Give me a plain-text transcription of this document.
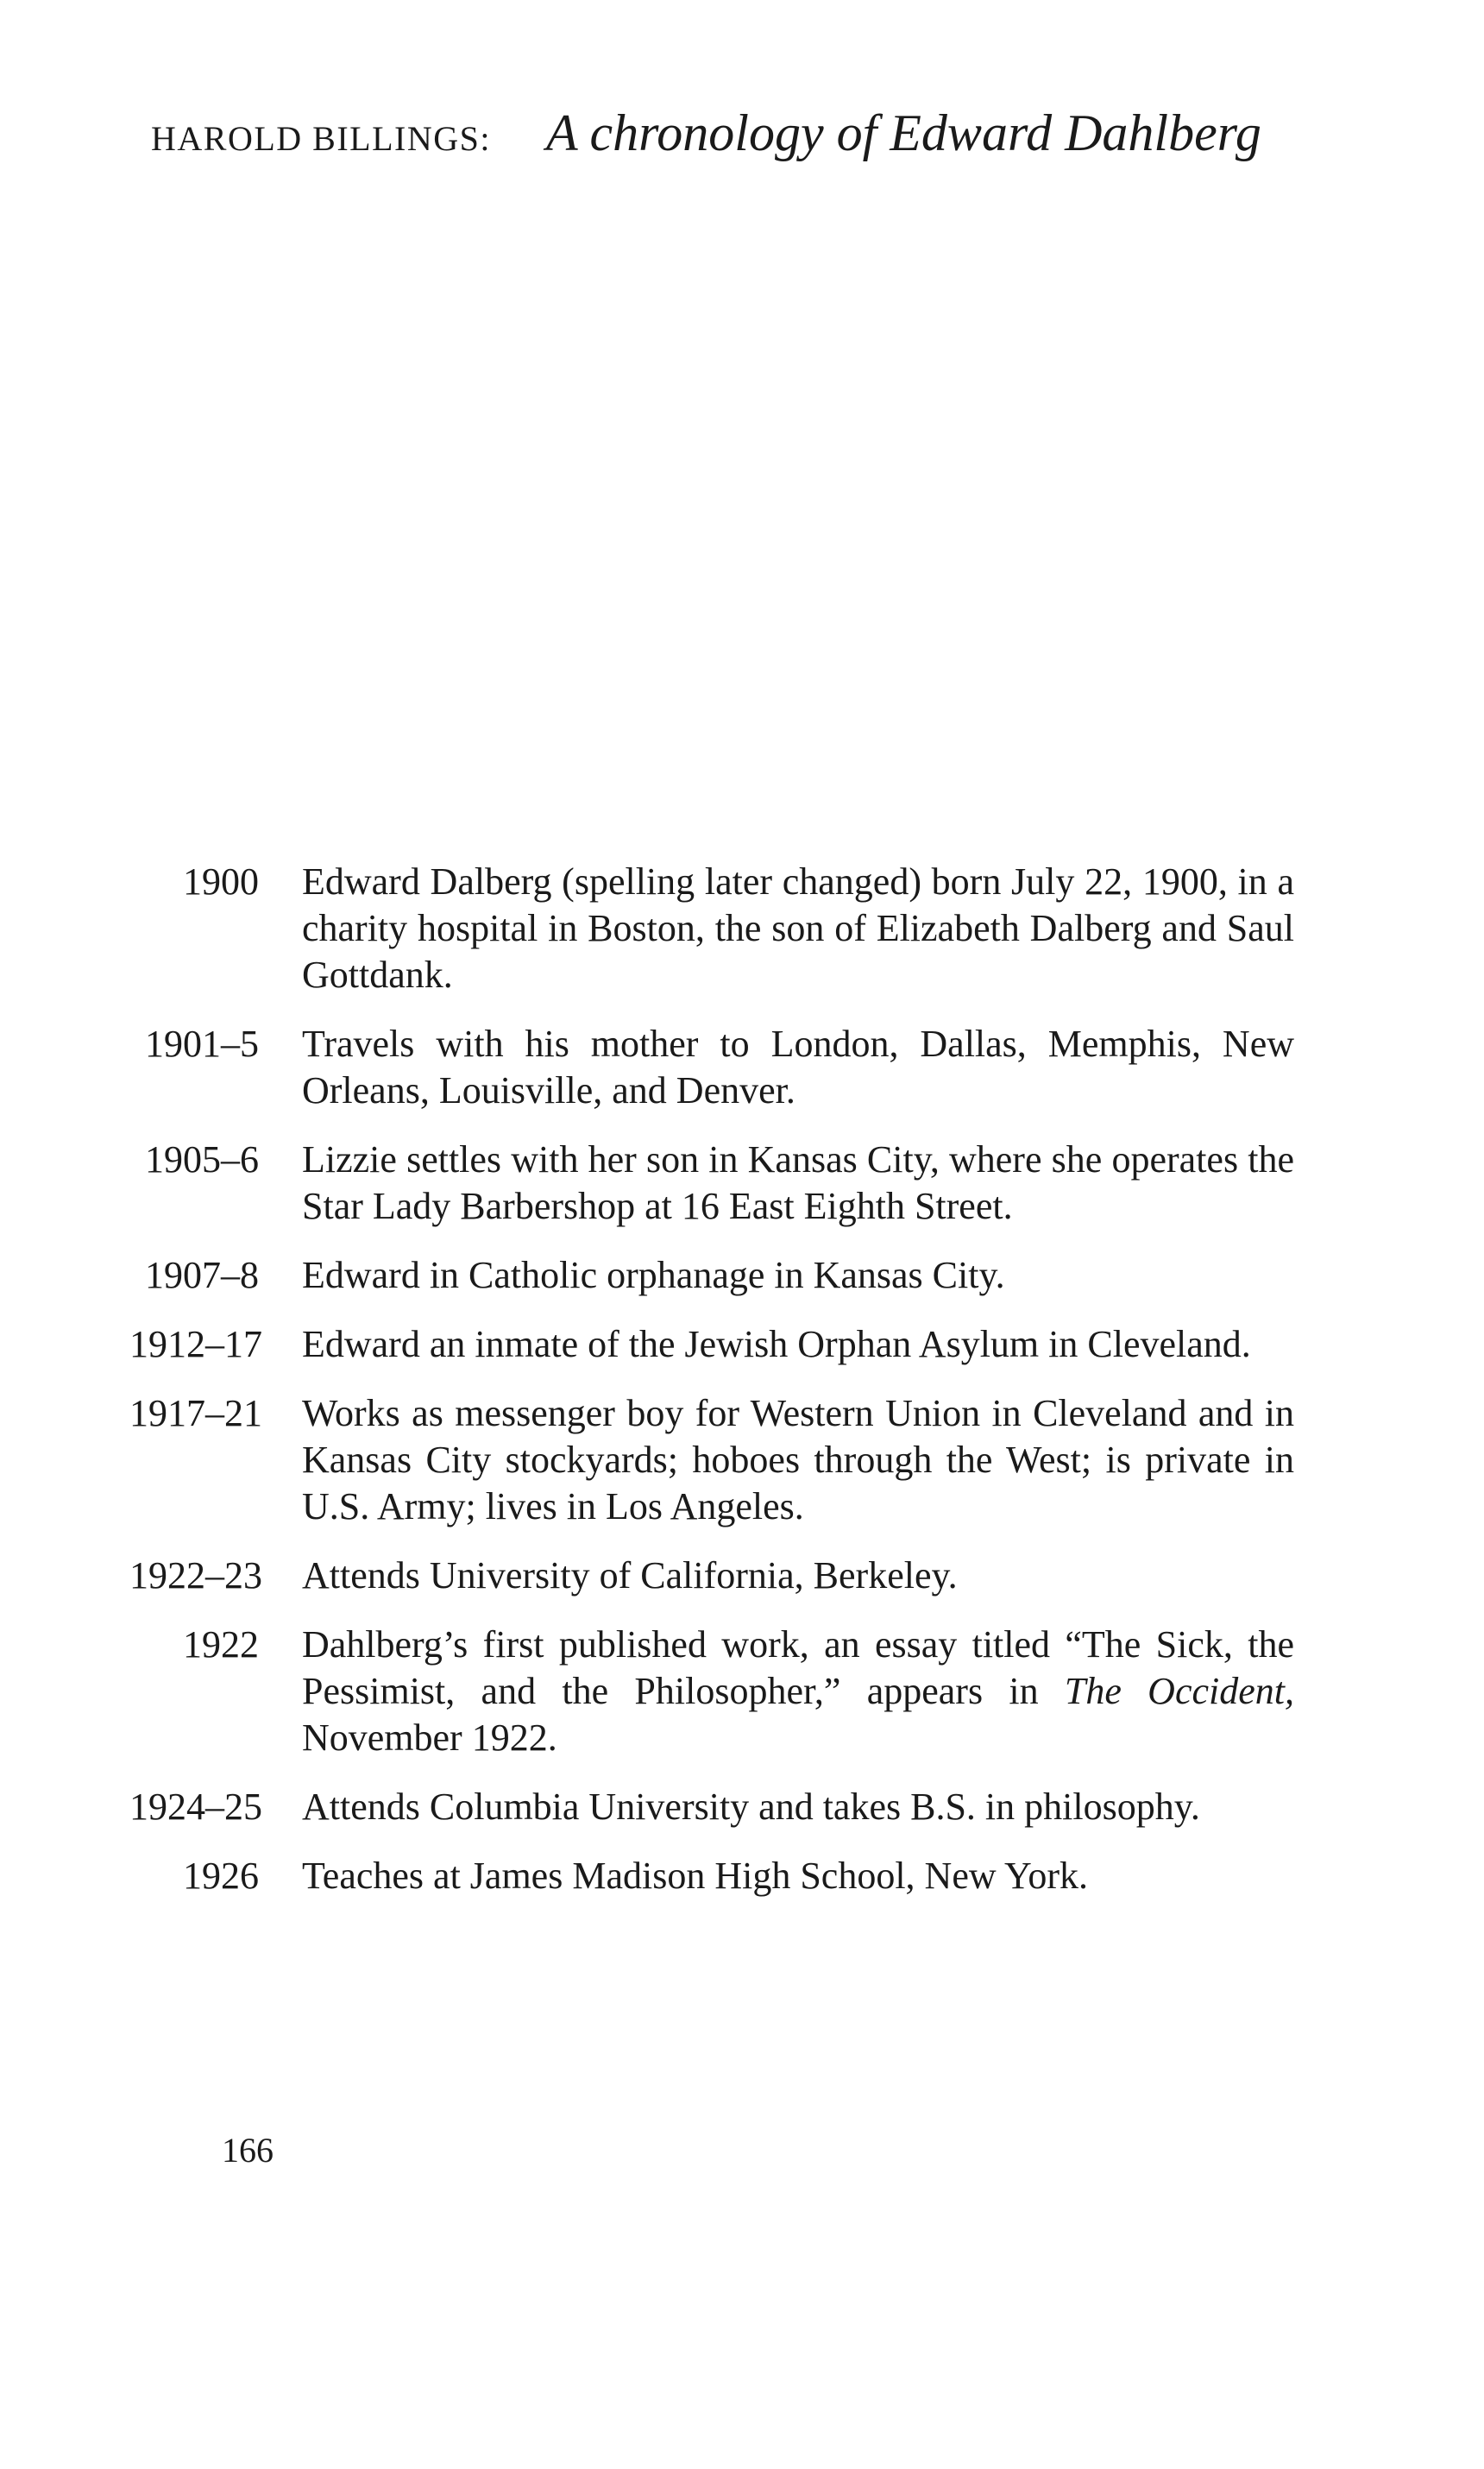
HAROLD BILLINGS: A chronology of Edward Dahlberg
1900	Edward Dalberg (spelling later changed) born July 22, 1900, in a charity hospital in Boston, the son of Elizabeth Dalberg and Saul Gottdank.
1901–5	Travels with his mother to London, Dallas, Memphis, New Orleans, Louisville, and Denver.
1905–6	Lizzie settles with her son in Kansas City, where she operates the Star Lady Barbershop at 16 East Eighth Street.
1907–8	Edward in Catholic orphanage in Kansas City.
1912–17	Edward an inmate of the Jewish Orphan Asylum in Cleveland.
1917–21	Works as messenger boy for Western Union in Cleveland and in Kansas City stockyards; hoboes through the West; is private in U.S. Army; lives in Los Angeles.
1922–23	Attends University of California, Berkeley.
1922	Dahlberg’s first published work, an essay titled “The Sick, the Pessimist, and the Philosopher,” appears in The Occident, November 1922.
1924–25	Attends Columbia University and takes B.S. in philosophy.
1926	Teaches at James Madison High School, New York.
166
